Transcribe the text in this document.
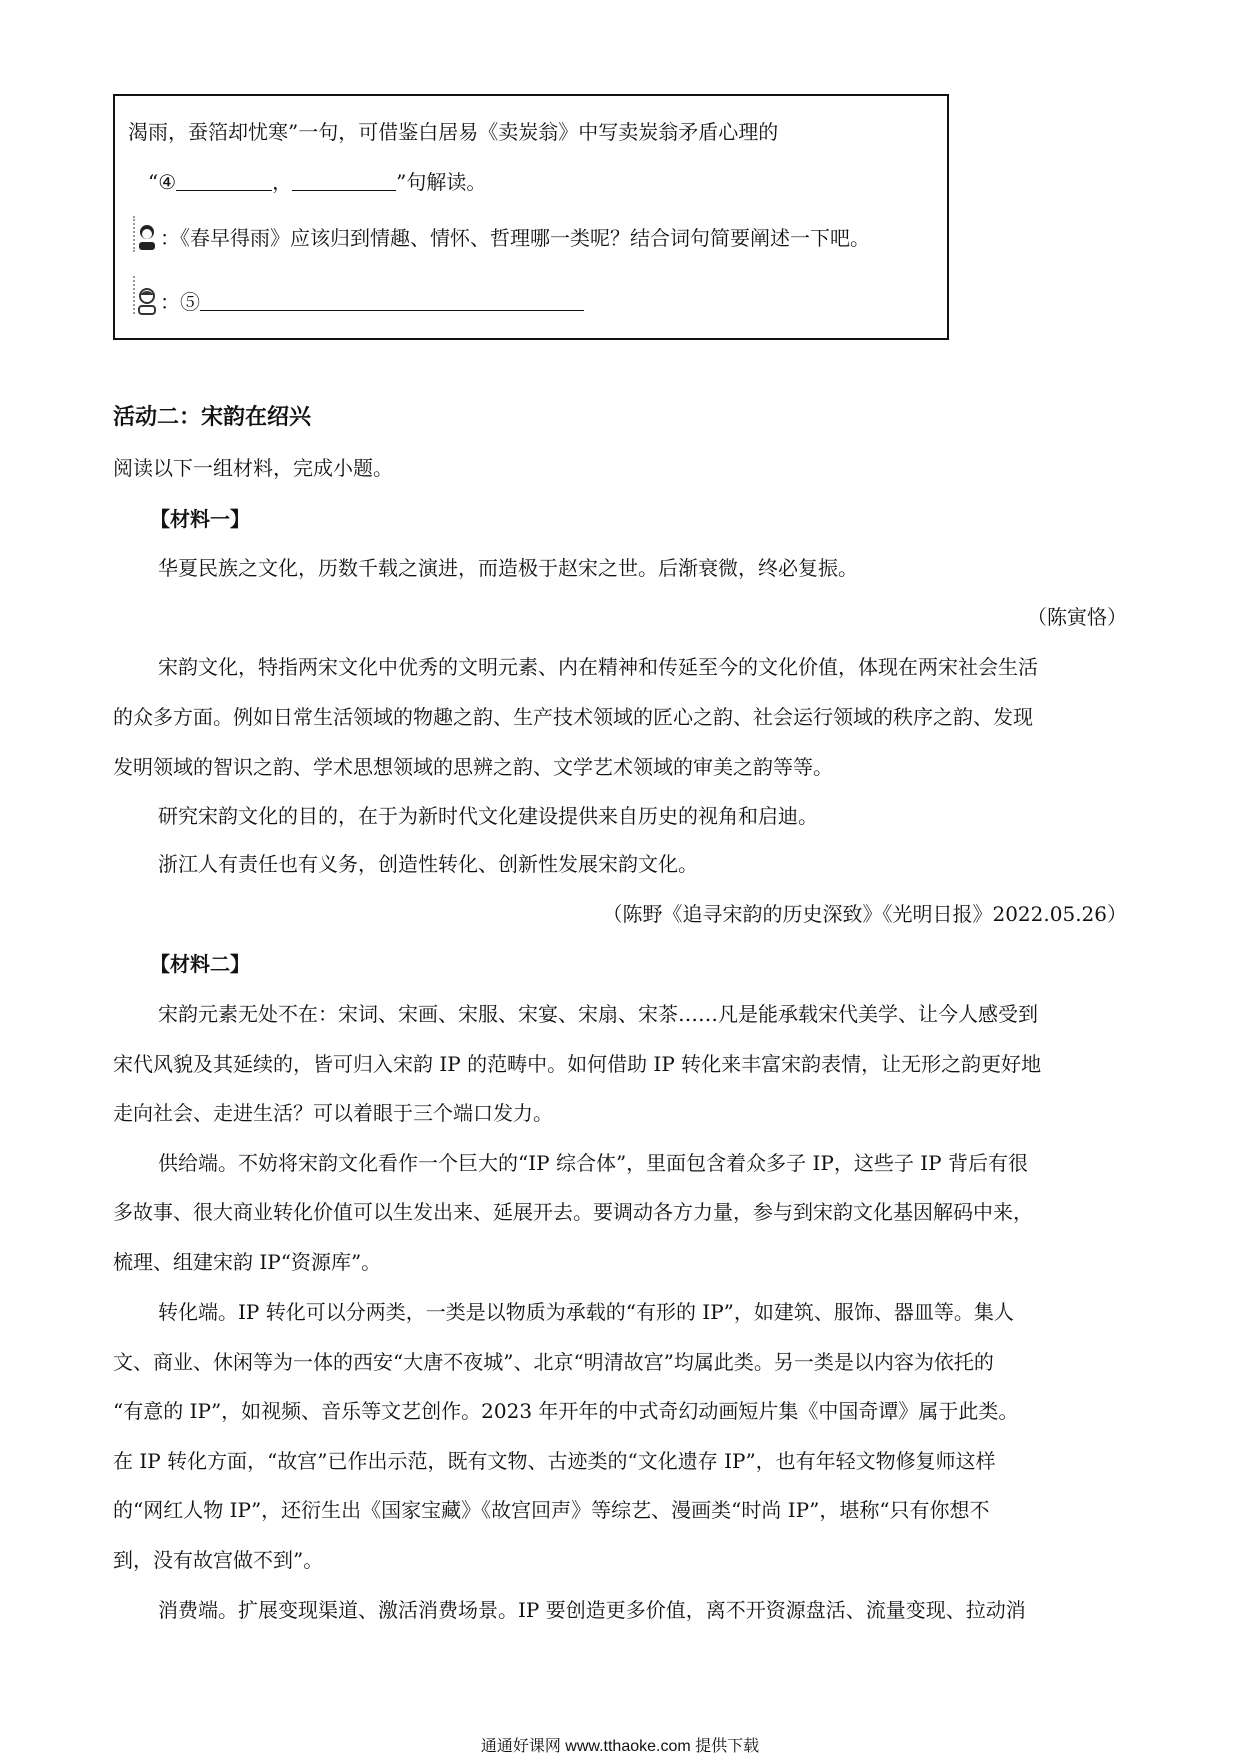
渴雨，蚕箔却忧寒”一句，可借鉴白居易《卖炭翁》中写卖炭翁矛盾心理的
“④	，	”句解读。
：《春早得雨》应该归到情趣、情怀、哲理哪一类呢？结合词句简要阐述一下吧。
：⑤
活动二：宋韵在绍兴
阅读以下一组材料，完成小题。
【材料一】
华夏民族之文化，历数千载之演进，而造极于赵宋之世。后渐衰微，终必复振。
（陈寅恪）
宋韵文化，特指两宋文化中优秀的文明元素、内在精神和传延至今的文化价值，体现在两宋社会生活
的众多方面。例如日常生活领域的物趣之韵、生产技术领域的匠心之韵、社会运行领域的秩序之韵、发现
发明领域的智识之韵、学术思想领域的思辨之韵、文学艺术领域的审美之韵等等。
研究宋韵文化的目的，在于为新时代文化建设提供来自历史的视角和启迪。
浙江人有责任也有义务，创造性转化、创新性发展宋韵文化。
（陈野《追寻宋韵的历史深致》《光明日报》2022.05.26）
【材料二】
宋韵元素无处不在：宋词、宋画、宋服、宋宴、宋扇、宋茶……凡是能承载宋代美学、让今人感受到
宋代风貌及其延续的，皆可归入宋韵 IP 的范畴中。如何借助 IP 转化来丰富宋韵表情，让无形之韵更好地
走向社会、走进生活？可以着眼于三个端口发力。
供给端。不妨将宋韵文化看作一个巨大的“IP 综合体”，里面包含着众多子 IP，这些子 IP 背后有很
多故事、很大商业转化价值可以生发出来、延展开去。要调动各方力量，参与到宋韵文化基因解码中来，
梳理、组建宋韵 IP“资源库”。
转化端。IP 转化可以分两类，一类是以物质为承载的“有形的 IP”，如建筑、服饰、器皿等。集人
文、商业、休闲等为一体的西安“大唐不夜城”、北京“明清故宫”均属此类。另一类是以内容为依托的
“有意的 IP”，如视频、音乐等文艺创作。2023 年开年的中式奇幻动画短片集《中国奇谭》属于此类。
在 IP 转化方面，“故宫”已作出示范，既有文物、古迹类的“文化遗存 IP”，也有年轻文物修复师这样
的“网红人物 IP”，还衍生出《国家宝藏》《故宫回声》等综艺、漫画类“时尚 IP”，堪称“只有你想不
到，没有故宫做不到”。
消费端。扩展变现渠道、激活消费场景。IP 要创造更多价值，离不开资源盘活、流量变现、拉动消
通通好课网 www.tthaoke.com 提供下载
